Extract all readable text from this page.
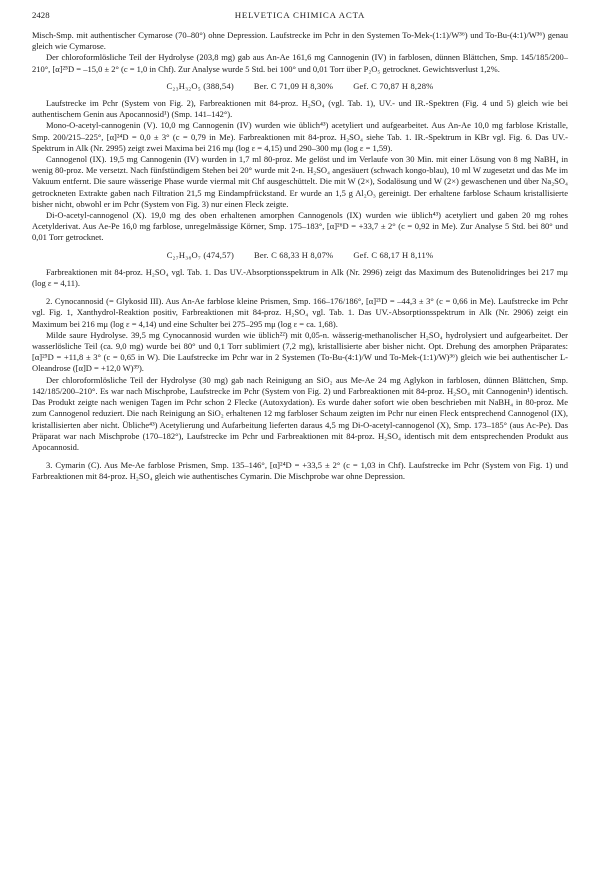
2428	HELVETICA CHIMICA ACTA

Misch-Smp. mit authentischer Cymarose (70–80°) ohne Depression. Laufstrecke im Pchr in den Systemen To-Mek-(1:1)/W³⁶) und To-Bu-(4:1)/W³⁶) genau gleich wie Cymarose.

Der chloroformlösliche Teil der Hydrolyse (203,8 mg) gab aus An-Ae 161,6 mg Cannogenin (IV) in farblosen, dünnen Blättchen, Smp. 145/185/200–210°, [α]²⁵D = –15,0 ± 2° (c = 1,0 in Chf). Zur Analyse wurde 5 Std. bei 100° und 0,01 Torr über P₂O₅ getrocknet. Gewichtsverlust 1,2%.

C₂₃H₃₂O₅ (388,54) Ber. C 71,09 H 8,30% Gef. C 70,87 H 8,28%

Laufstrecke im Pchr (System von Fig. 2), Farbreaktionen mit 84-proz. H₂SO₄ (vgl. Tab. 1), UV.- und IR.-Spektren (Fig. 4 und 5) gleich wie bei authentischem Genin aus Apocannosid¹) (Smp. 141–142°).

Mono-O-acetyl-cannogenin (V). 10,0 mg Cannogenin (IV) wurden wie üblich⁴³) acetyliert und aufgearbeitet. Aus An-Ae 10,0 mg farblose Kristalle, Smp. 200/215–225°, [α]²⁴D = 0,0 ± 3° (c = 0,79 in Me). Farbreaktionen mit 84-proz. H₂SO₄ siehe Tab. 1. IR.-Spektrum in KBr vgl. Fig. 6. Das UV.-Spektrum in Alk (Nr. 2995) zeigt zwei Maxima bei 216 mμ (log ε = 4,15) und 290–300 mμ (log ε = 1,59).

Cannogenol (IX). 19,5 mg Cannogenin (IV) wurden in 1,7 ml 80-proz. Me gelöst und im Verlaufe von 30 Min. mit einer Lösung von 8 mg NaBH₄ in wenig 80-proz. Me versetzt. Nach fünfstündigem Stehen bei 20° wurde mit 2-n. H₂SO₄ angesäuert (schwach kongo-blau), 10 ml W zugesetzt und das Me im Vakuum entfernt. Die saure wässerige Phase wurde viermal mit Chf ausgeschüttelt. Die mit W (2×), Sodalösung und W (2×) gewaschenen und über Na₂SO₄ getrockneten Extrakte gaben nach Filtration 21,5 mg Eindampfrückstand. Er wurde an 1,5 g Al₂O₃ gereinigt. Der erhaltene farblose Schaum kristallisierte bisher nicht, obwohl er im Pchr (System von Fig. 3) nur einen Fleck zeigte.

Di-O-acetyl-cannogenol (X). 19,0 mg des oben erhaltenen amorphen Cannogenols (IX) wurden wie üblich⁴³) acetyliert und gaben 20 mg rohes Acetylderivat. Aus Ae-Pe 16,0 mg farblose, unregelmässige Körner, Smp. 175–183°, [α]²⁶D = +33,7 ± 2° (c = 0,92 in Me). Zur Analyse 5 Std. bei 80° und 0,01 Torr getrocknet.

C₂₇H₃₈O₇ (474,57) Ber. C 68,33 H 8,07% Gef. C 68,17 H 8,11%

Farbreaktionen mit 84-proz. H₂SO₄ vgl. Tab. 1. Das UV.-Absorptionsspektrum in Alk (Nr. 2996) zeigt das Maximum des Butenolidringes bei 217 mμ (log ε = 4,11).

2. Cynocannosid (= Glykosid III). Aus An-Ae farblose kleine Prismen, Smp. 166–176/186°, [α]²¹D = –44,3 ± 3° (c = 0,66 in Me). Laufstrecke im Pchr vgl. Fig. 1, Xanthydrol-Reaktion positiv, Farbreaktionen mit 84-proz. H₂SO₄ vgl. Tab. 1. Das UV.-Absorptionsspektrum in Alk (Nr. 2906) zeigt ein Maximum bei 216 mμ (log ε = 4,14) und eine Schulter bei 275–295 mμ (log ε = ca. 1,68).

Milde saure Hydrolyse. 39,5 mg Cynocannosid wurden wie üblich²²) mit 0,05-n. wässerig-methanolischer H₂SO₄ hydrolysiert und aufgearbeitet. Der wasserlösliche Teil (ca. 9,0 mg) wurde bei 80° und 0,1 Torr sublimiert (7,2 mg), kristallisierte aber bisher nicht. Opt. Drehung des amorphen Präparates: [α]²⁵D = +11,8 ± 3° (c = 0,65 in W). Die Laufstrecke im Pchr war in 2 Systemen (To-Bu-(4:1)/W und To-Mek-(1:1)/W)³⁶) gleich wie bei authentischer L-Oleandrose ([α]D = +12,0 W)³⁹).

Der chloroformlösliche Teil der Hydrolyse (30 mg) gab nach Reinigung an SiO₂ aus Me-Ae 24 mg Aglykon in farblosen, dünnen Blättchen, Smp. 142/185/200–210°. Es war nach Mischprobe, Laufstrecke im Pchr (System von Fig. 2) und Farbreaktionen mit 84-proz. H₂SO₄ mit Cannogenin¹) identisch. Das Produkt zeigte nach wenigen Tagen im Pchr schon 2 Flecke (Autoxydation). Es wurde daher sofort wie oben beschrieben mit NaBH₄ in 80-proz. Me zum Cannogenol reduziert. Die nach Reinigung an SiO₂ erhaltenen 12 mg farbloser Schaum zeigten im Pchr nur einen Fleck entsprechend Cannogenol (IX), kristallisierten aber nicht. Übliche⁴³) Acetylierung und Aufarbeitung lieferten daraus 4,5 mg Di-O-acetyl-cannogenol (X), Smp. 173–185° (aus Ac-Pe). Das Präparat war nach Mischprobe (170–182°), Laufstrecke im Pchr und Farbreaktionen mit 84-proz. H₂SO₄ identisch mit dem entsprechenden Produkt aus Apocannosid.

3. Cymarin (C). Aus Me-Ae farblose Prismen, Smp. 135–146°, [α]²⁴D = +33,5 ± 2° (c = 1,03 in Chf). Laufstrecke im Pchr (System von Fig. 1) und Farbreaktionen mit 84-proz. H₂SO₄ gleich wie authentisches Cymarin. Die Mischprobe war ohne Depression.
